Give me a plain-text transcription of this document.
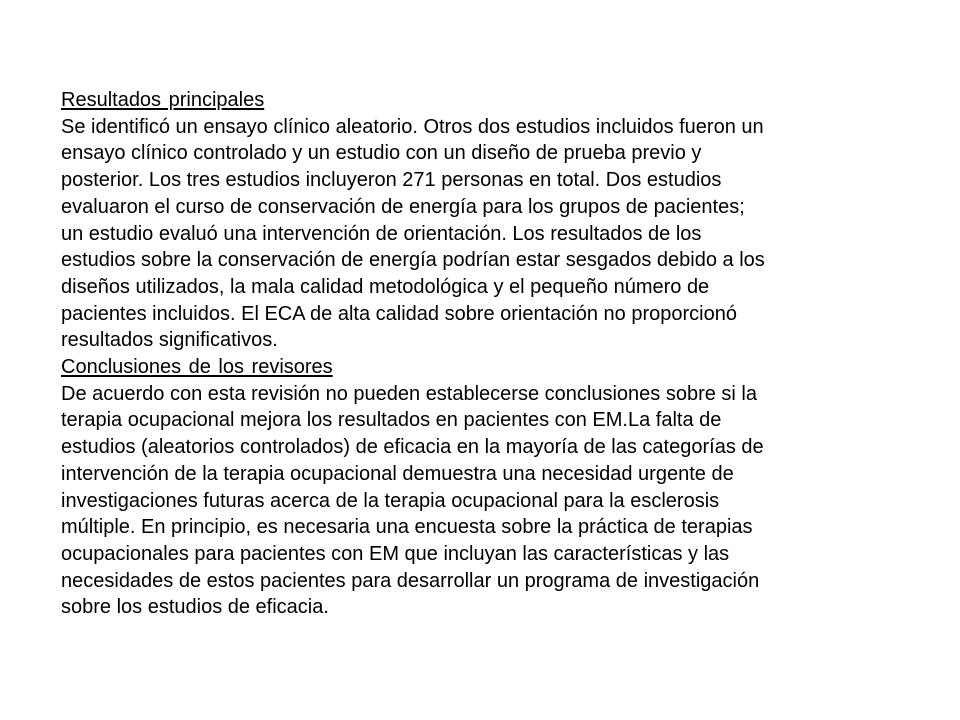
Resultados principales
Se identificó un ensayo clínico aleatorio. Otros dos estudios incluidos fueron un
ensayo clínico controlado y un estudio con un diseño de prueba previo y
posterior. Los tres estudios incluyeron 271 personas en total. Dos estudios
evaluaron el curso de conservación de energía para los grupos de pacientes;
un estudio evaluó una intervención de orientación. Los resultados de los
estudios sobre la conservación de energía podrían estar sesgados debido a los
diseños utilizados, la mala calidad metodológica y el pequeño número de
pacientes incluidos. El ECA de alta calidad sobre orientación no proporcionó
resultados significativos.
Conclusiones de los revisores
De acuerdo con esta revisión no pueden establecerse conclusiones sobre si la
terapia ocupacional mejora los resultados en pacientes con EM.La falta de
estudios (aleatorios controlados) de eficacia en la mayoría de las categorías de
intervención de la terapia ocupacional demuestra una necesidad urgente de
investigaciones futuras acerca de la terapia ocupacional para la esclerosis
múltiple. En principio, es necesaria una encuesta sobre la práctica de terapias
ocupacionales para pacientes con EM que incluyan las características y las
necesidades de estos pacientes para desarrollar un programa de investigación
sobre los estudios de eficacia.
